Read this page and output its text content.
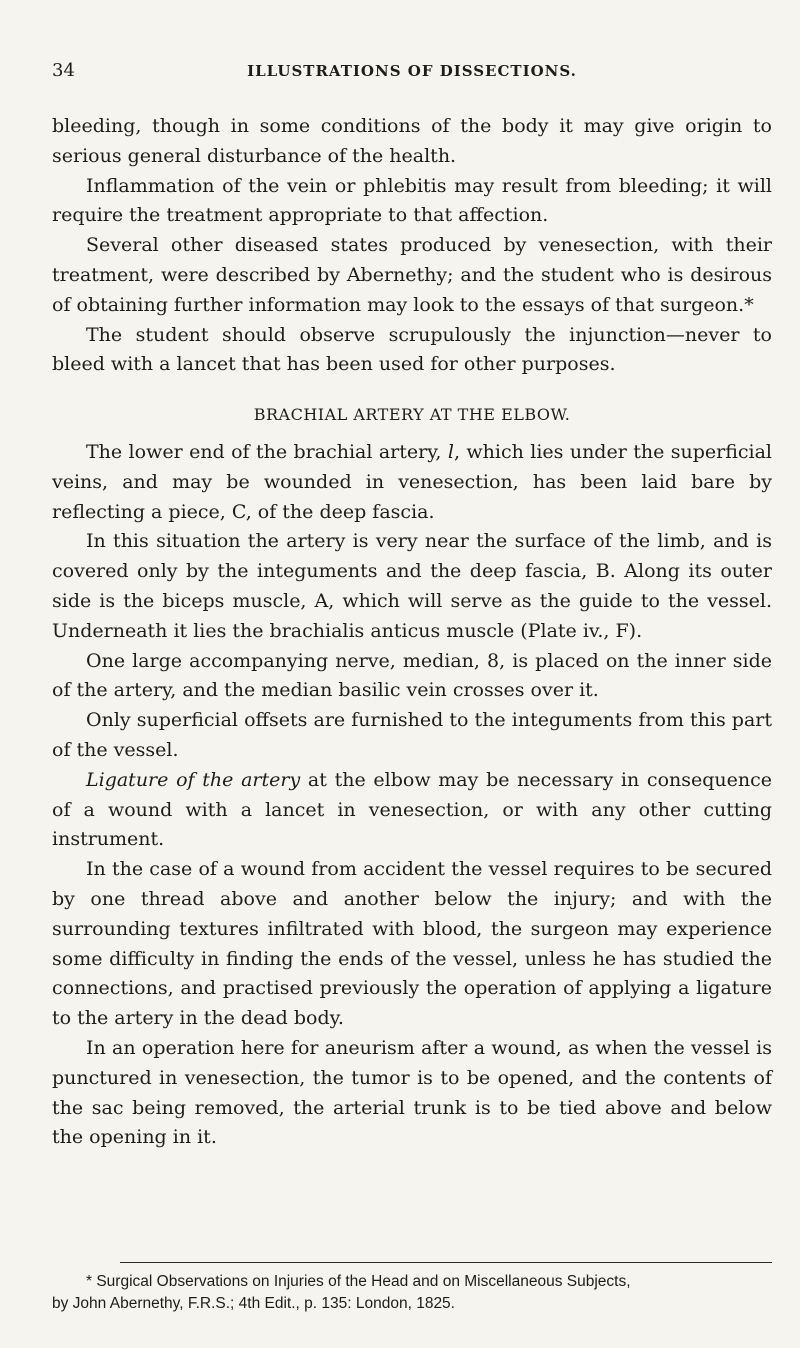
34	ILLUSTRATIONS OF DISSECTIONS.

bleeding, though in some conditions of the body it may give origin to serious general disturbance of the health.

Inflammation of the vein or phlebitis may result from bleeding; it will require the treatment appropriate to that affection.

Several other diseased states produced by venesection, with their treatment, were described by Abernethy; and the student who is desirous of obtaining further information may look to the essays of that surgeon.*

The student should observe scrupulously the injunction—never to bleed with a lancet that has been used for other purposes.

BRACHIAL ARTERY AT THE ELBOW.

The lower end of the brachial artery, l, which lies under the superficial veins, and may be wounded in venesection, has been laid bare by reflecting a piece, C, of the deep fascia.

In this situation the artery is very near the surface of the limb, and is covered only by the integuments and the deep fascia, B. Along its outer side is the biceps muscle, A, which will serve as the guide to the vessel. Underneath it lies the brachialis anticus muscle (Plate iv., F).

One large accompanying nerve, median, 8, is placed on the inner side of the artery, and the median basilic vein crosses over it.

Only superficial offsets are furnished to the integuments from this part of the vessel.

Ligature of the artery at the elbow may be necessary in consequence of a wound with a lancet in venesection, or with any other cutting instrument.

In the case of a wound from accident the vessel requires to be secured by one thread above and another below the injury; and with the surrounding textures infiltrated with blood, the surgeon may experience some difficulty in finding the ends of the vessel, unless he has studied the connections, and practised previously the operation of applying a ligature to the artery in the dead body.

In an operation here for aneurism after a wound, as when the vessel is punctured in venesection, the tumor is to be opened, and the contents of the sac being removed, the arterial trunk is to be tied above and below the opening in it.

* Surgical Observations on Injuries of the Head and on Miscellaneous Subjects,

by John Abernethy, F.R.S.; 4th Edit., p. 135: London, 1825.
